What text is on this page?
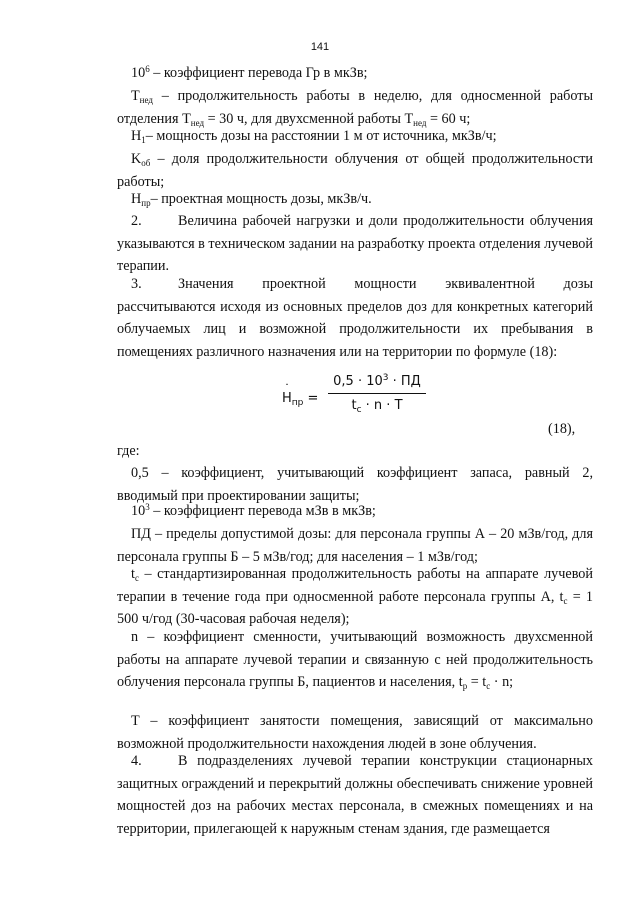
141

$10^6$ – коэффициент перевода Гр в мкЗв;

$T_{нед}$ – продолжительность работы в неделю, для односменной работы отделения $T_{нед} = 30$ ч, для двухсменной работы $T_{нед} = 60$ ч;

$H_1-$ мощность дозы на расстоянии 1 м от источника, мкЗв/ч;

$K_{об}$ – доля продолжительности облучения от общей продолжительности работы;

$H_{пр}-$ проектная мощность дозы, мкЗв/ч.

2.	Величина рабочей нагрузки и доли продолжительности облучения указываются в техническом задании на разработку проекта отделения лучевой терапии.

3.	Значения проектной мощности эквивалентной дозы рассчитываются исходя из основных пределов доз для конкретных категорий облучаемых лиц и возможной продолжительности их пребывания в помещениях различного назначения или на территории по формуле (18):

H $˙_{пр}$ =
$0,5 \cdot 10^3$ · ПД
$t_c \cdot n \cdot T$
(18),

где:

0,5 – коэффициент, учитывающий коэффициент запаса, равный 2, вводимый при проектировании защиты;

$10^3$ – коэффициент перевода мЗв в мкЗв;

ПД – пределы допустимой дозы: для персонала группы А – 20 мЗв/год, для персонала группы Б – 5 мЗв/год; для населения – 1 мЗв/год;

$t_c$ – стандартизированная продолжительность работы на аппарате лучевой терапии в течение года при односменной работе персонала группы А, $t_c = 1$ 500 ч/год (30-часовая рабочая неделя);

n – коэффициент сменности, учитывающий возможность двухсменной работы на аппарате лучевой терапии и связанную с ней продолжительность облучения персонала группы Б, пациентов и населения, $t_р = t_c \cdot n$;

T – коэффициент занятости помещения, зависящий от максимально возможной продолжительности нахождения людей в зоне облучения.

4.	В подразделениях лучевой терапии конструкции стационарных защитных ограждений и перекрытий должны обеспечивать снижение уровней мощностей доз на рабочих местах персонала, в смежных помещениях и на территории, прилегающей к наружным стенам здания, где размещается
